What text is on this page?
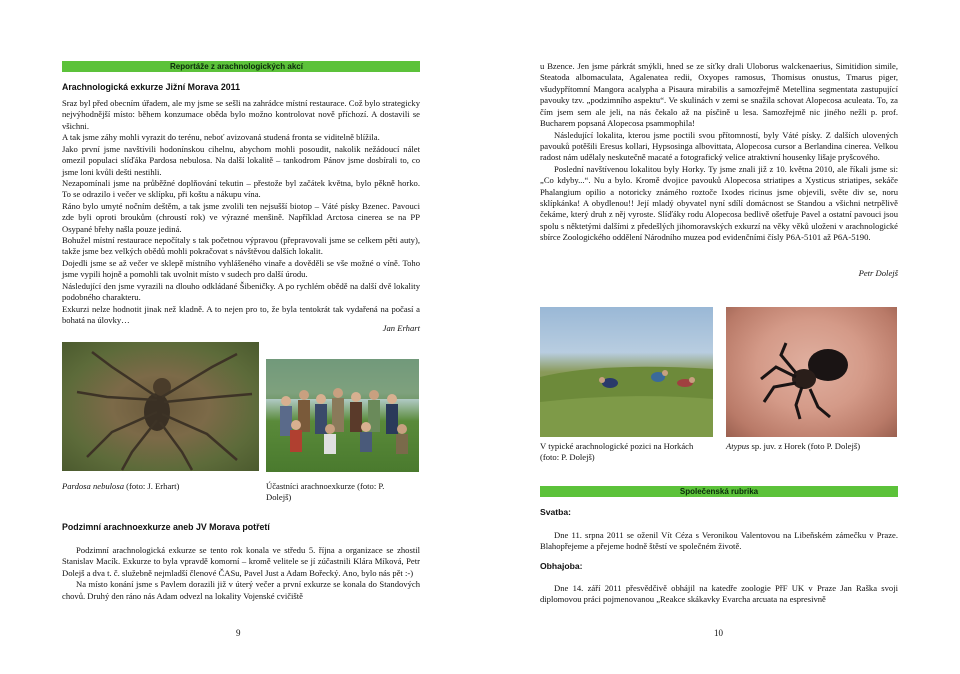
Reportáže z arachnologických akcí
Arachnologická exkurze Jižní Morava 2011
Sraz byl před obecním úřadem, ale my jsme se sešli na zahrádce místní restaurace. Což bylo strategicky nejvýhodnější místo: během konzumace oběda bylo možno kontrolovat nově příchozí. A dostavili se všichni.
A tak jsme záhy mohli vyrazit do terénu, neboť avizovaná studená fronta se viditelně blížila.
Jako první jsme navštívili hodonínskou cihelnu, abychom mohli posoudit, nakolik nežádoucí nálet omezil populaci slíďáka Pardosa nebulosa. Na další lokalitě – tankodrom Pánov jsme dosbírali to, co jsme loni kvůli dešti nestihli.
Nezapomínali jsme na průběžné doplňování tekutin – přestože byl začátek května, bylo pěkně horko. To se odrazilo i večer ve sklípku, při koštu a nákupu vína.
Ráno bylo umyté nočním deštěm, a tak jsme zvolili ten nejsušší biotop – Váté písky Bzenec. Pavouci zde byli oproti broukům (chroustí rok) ve výrazné menšině. Například Arctosa cinerea se na PP Osypané břehy našla pouze jediná.
Bohužel místní restaurace nepočítaly s tak početnou výpravou (přepravovali jsme se celkem pěti auty), takže jsme bez velkých obědů mohli pokračovat s návštěvou dalších lokalit.
Dojedli jsme se až večer ve sklepě místního vyhlášeného vinaře a dověděli se vše možné o víně. Toho jsme vypili hojně a pomohli tak uvolnit místo v sudech pro další úrodu.
Následující den jsme vyrazili na dlouho odkládané Šibeničky. A po rychlém obědě na další dvě lokality podobného charakteru.
Exkurzi nelze hodnotit jinak než kladně. A to nejen pro to, že byla tentokrát tak vydařená na počasí a bohatá na úlovky…
Jan Erhart
Pardosa nebulosa (foto: J. Erhart)	Účastníci arachnoexkurze (foto: P. Dolejš)
Podzimní arachnoexkurze aneb JV Morava potřetí
Podzimní arachnologická exkurze se tento rok konala ve středu 5. října a organizace se zhostil Stanislav Macík. Exkurze to byla vpravdě komorní – kromě velitele se jí zúčastnili Klára Míková, Petr Dolejš a dva t. č. služebně nejmladší členové ČASu, Pavel Just a Adam Bořecký. Ano, bylo nás pět :-)
Na místo konání jsme s Pavlem dorazili již v úterý večer a první exkurze se konala do Standových chovů. Druhý den ráno nás Adam odvezl na lokality Vojenské cvičiště
9
u Bzence. Jen jsme párkrát smýkli, hned se ze síťky drali Uloborus walckenaerius, Simitidion simile, Steatoda albomaculata, Agalenatea redii, Oxyopes ramosus, Thomisus onustus, Tmarus piger, všudypřítomní Mangora acalypha a Pisaura mirabilis a samozřejmě Metellina segmentata zastupující pavouky tzv. „podzimního aspektu“. Ve skulinách v zemi se snažila schovat Alopecosa aculeata. To, za čím jsem sem ale jeli, na nás čekalo až na písčině u lesa. Samozřejmě nic jiného nežli p. prof. Bucharem popsaná Alopecosa psammophila!
Následující lokalita, kterou jsme poctili svou přítomností, byly Váté písky. Z dalších ulovených pavouků potěšili Eresus kollari, Hypsosinga albovittata, Alopecosa cursor a Berlandina cinerea. Velkou radost nám udělaly neskutečně macaté a fotografický velice atraktivní housenky lišaje pryšcového.
Poslední navštívenou lokalitou byly Horky. Ty jsme znali již z 10. května 2010, ale říkali jsme si: „Co kdyby...“. Nu a bylo. Kromě dvojice pavouků Alopecosa striatipes a Xysticus striatipes, sekáče Phalangium opilio a notoricky známého roztoče Ixodes ricinus jsme objevili, světe div se, noru sklípkánka! A obydlenou!! Její mladý obyvatel nyní sdílí domácnost se Standou a všichni netrpělivě čekáme, který druh z něj vyroste. Slíďáky rodu Alopecosa bedlivě ošetřuje Pavel a ostatní pavouci jsou spolu s něktetými dalšími z předešlých jihomoravských exkurzí na věky věků uloženi v arachnologické sbírce Zoologického oddělení Národního muzea pod evidenčními čísly P6A-5101 až P6A-5190.
Petr Dolejš
V typické arachnologické pozici na Horkách (foto: P. Dolejš)
Atypus sp. juv. z Horek (foto P. Dolejš)
Společenská rubrika
Svatba:
Dne 11. srpna 2011 se oženil Vít Céza s Veronikou Valentovou na Libeňském zámečku v Praze. Blahopřejeme a přejeme hodně štěstí ve společném životě.
Obhajoba:
Dne 14. září 2011 přesvědčivě obhájil na katedře zoologie PřF UK v Praze Jan Raška svoji diplomovou práci pojmenovanou „Reakce skákavky Evarcha arcuata na espresivně
10
